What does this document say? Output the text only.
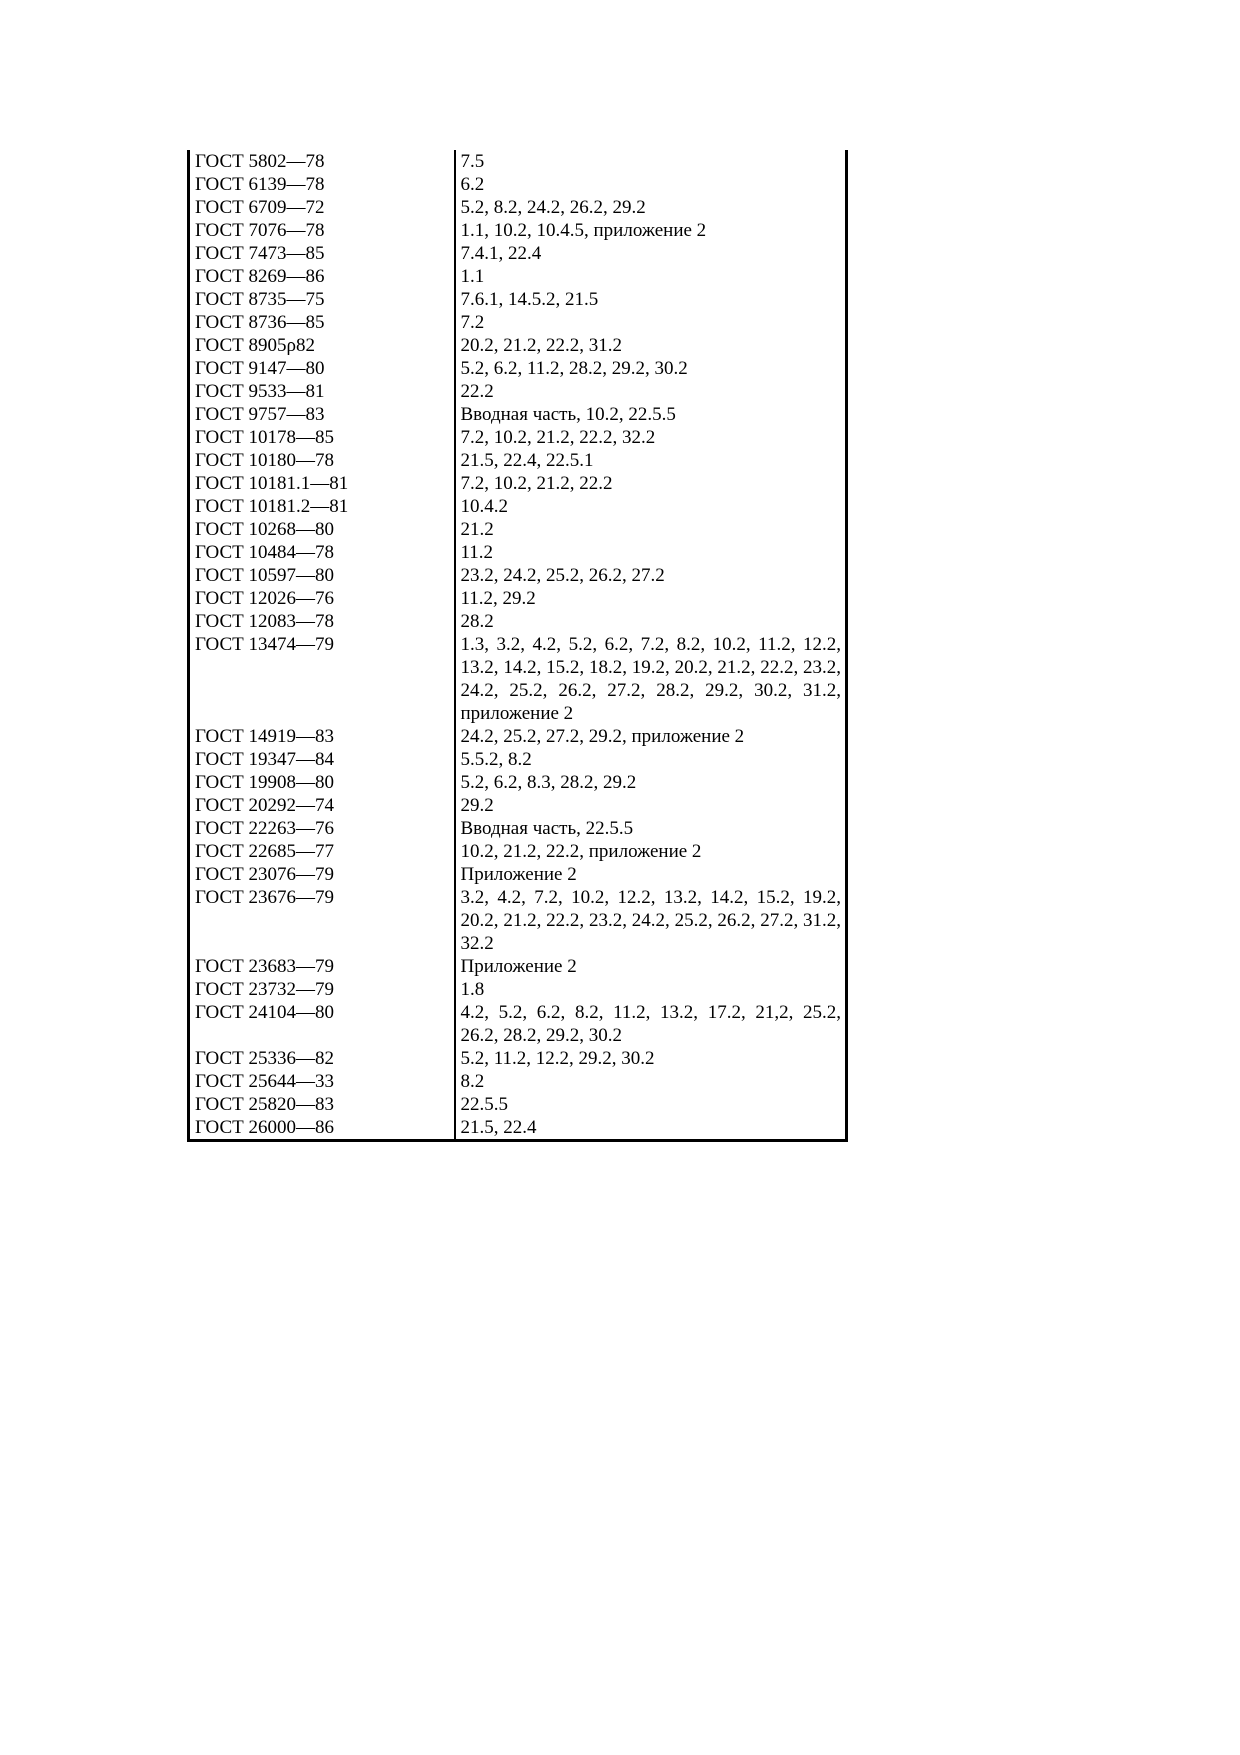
ГОСТ 5802—78	7.5
ГОСТ 6139—78	6.2
ГОСТ 6709—72	5.2, 8.2, 24.2, 26.2, 29.2
ГОСТ 7076—78	1.1, 10.2, 10.4.5, приложение 2
ГОСТ 7473—85	7.4.1, 22.4
ГОСТ 8269—86	1.1
ГОСТ 8735—75	7.6.1, 14.5.2, 21.5
ГОСТ 8736—85	7.2
ГОСТ 8905ρ82	20.2, 21.2, 22.2, 31.2
ГОСТ 9147—80	5.2, 6.2, 11.2, 28.2, 29.2, 30.2
ГОСТ 9533—81	22.2
ГОСТ 9757—83	Вводная часть, 10.2, 22.5.5
ГОСТ 10178—85	7.2, 10.2, 21.2, 22.2, 32.2
ГОСТ 10180—78	21.5, 22.4, 22.5.1
ГОСТ 10181.1—81	7.2, 10.2, 21.2, 22.2
ГОСТ 10181.2—81	10.4.2
ГОСТ 10268—80	21.2
ГОСТ 10484—78	11.2
ГОСТ 10597—80	23.2, 24.2, 25.2, 26.2, 27.2
ГОСТ 12026—76	11.2, 29.2
ГОСТ 12083—78	28.2
ГОСТ 13474—79	1.3, 3.2, 4.2, 5.2, 6.2, 7.2, 8.2, 10.2, 11.2, 12.2, 13.2, 14.2, 15.2, 18.2, 19.2, 20.2, 21.2, 22.2, 23.2, 24.2, 25.2, 26.2, 27.2, 28.2, 29.2, 30.2, 31.2, приложение 2
ГОСТ 14919—83	24.2, 25.2, 27.2, 29.2, приложение 2
ГОСТ 19347—84	5.5.2, 8.2
ГОСТ 19908—80	5.2, 6.2, 8.3, 28.2, 29.2
ГОСТ 20292—74	29.2
ГОСТ 22263—76	Вводная часть, 22.5.5
ГОСТ 22685—77	10.2, 21.2, 22.2, приложение 2
ГОСТ 23076—79	Приложение 2
ГОСТ 23676—79	3.2, 4.2, 7.2, 10.2, 12.2, 13.2, 14.2, 15.2, 19.2, 20.2, 21.2, 22.2, 23.2, 24.2, 25.2, 26.2, 27.2, 31.2, 32.2
ГОСТ 23683—79	Приложение 2
ГОСТ 23732—79	1.8
ГОСТ 24104—80	4.2, 5.2, 6.2, 8.2, 11.2, 13.2, 17.2, 21,2, 25.2, 26.2, 28.2, 29.2, 30.2
ГОСТ 25336—82	5.2, 11.2, 12.2, 29.2, 30.2
ГОСТ 25644—33	8.2
ГОСТ 25820—83	22.5.5
ГОСТ 26000—86	21.5, 22.4
